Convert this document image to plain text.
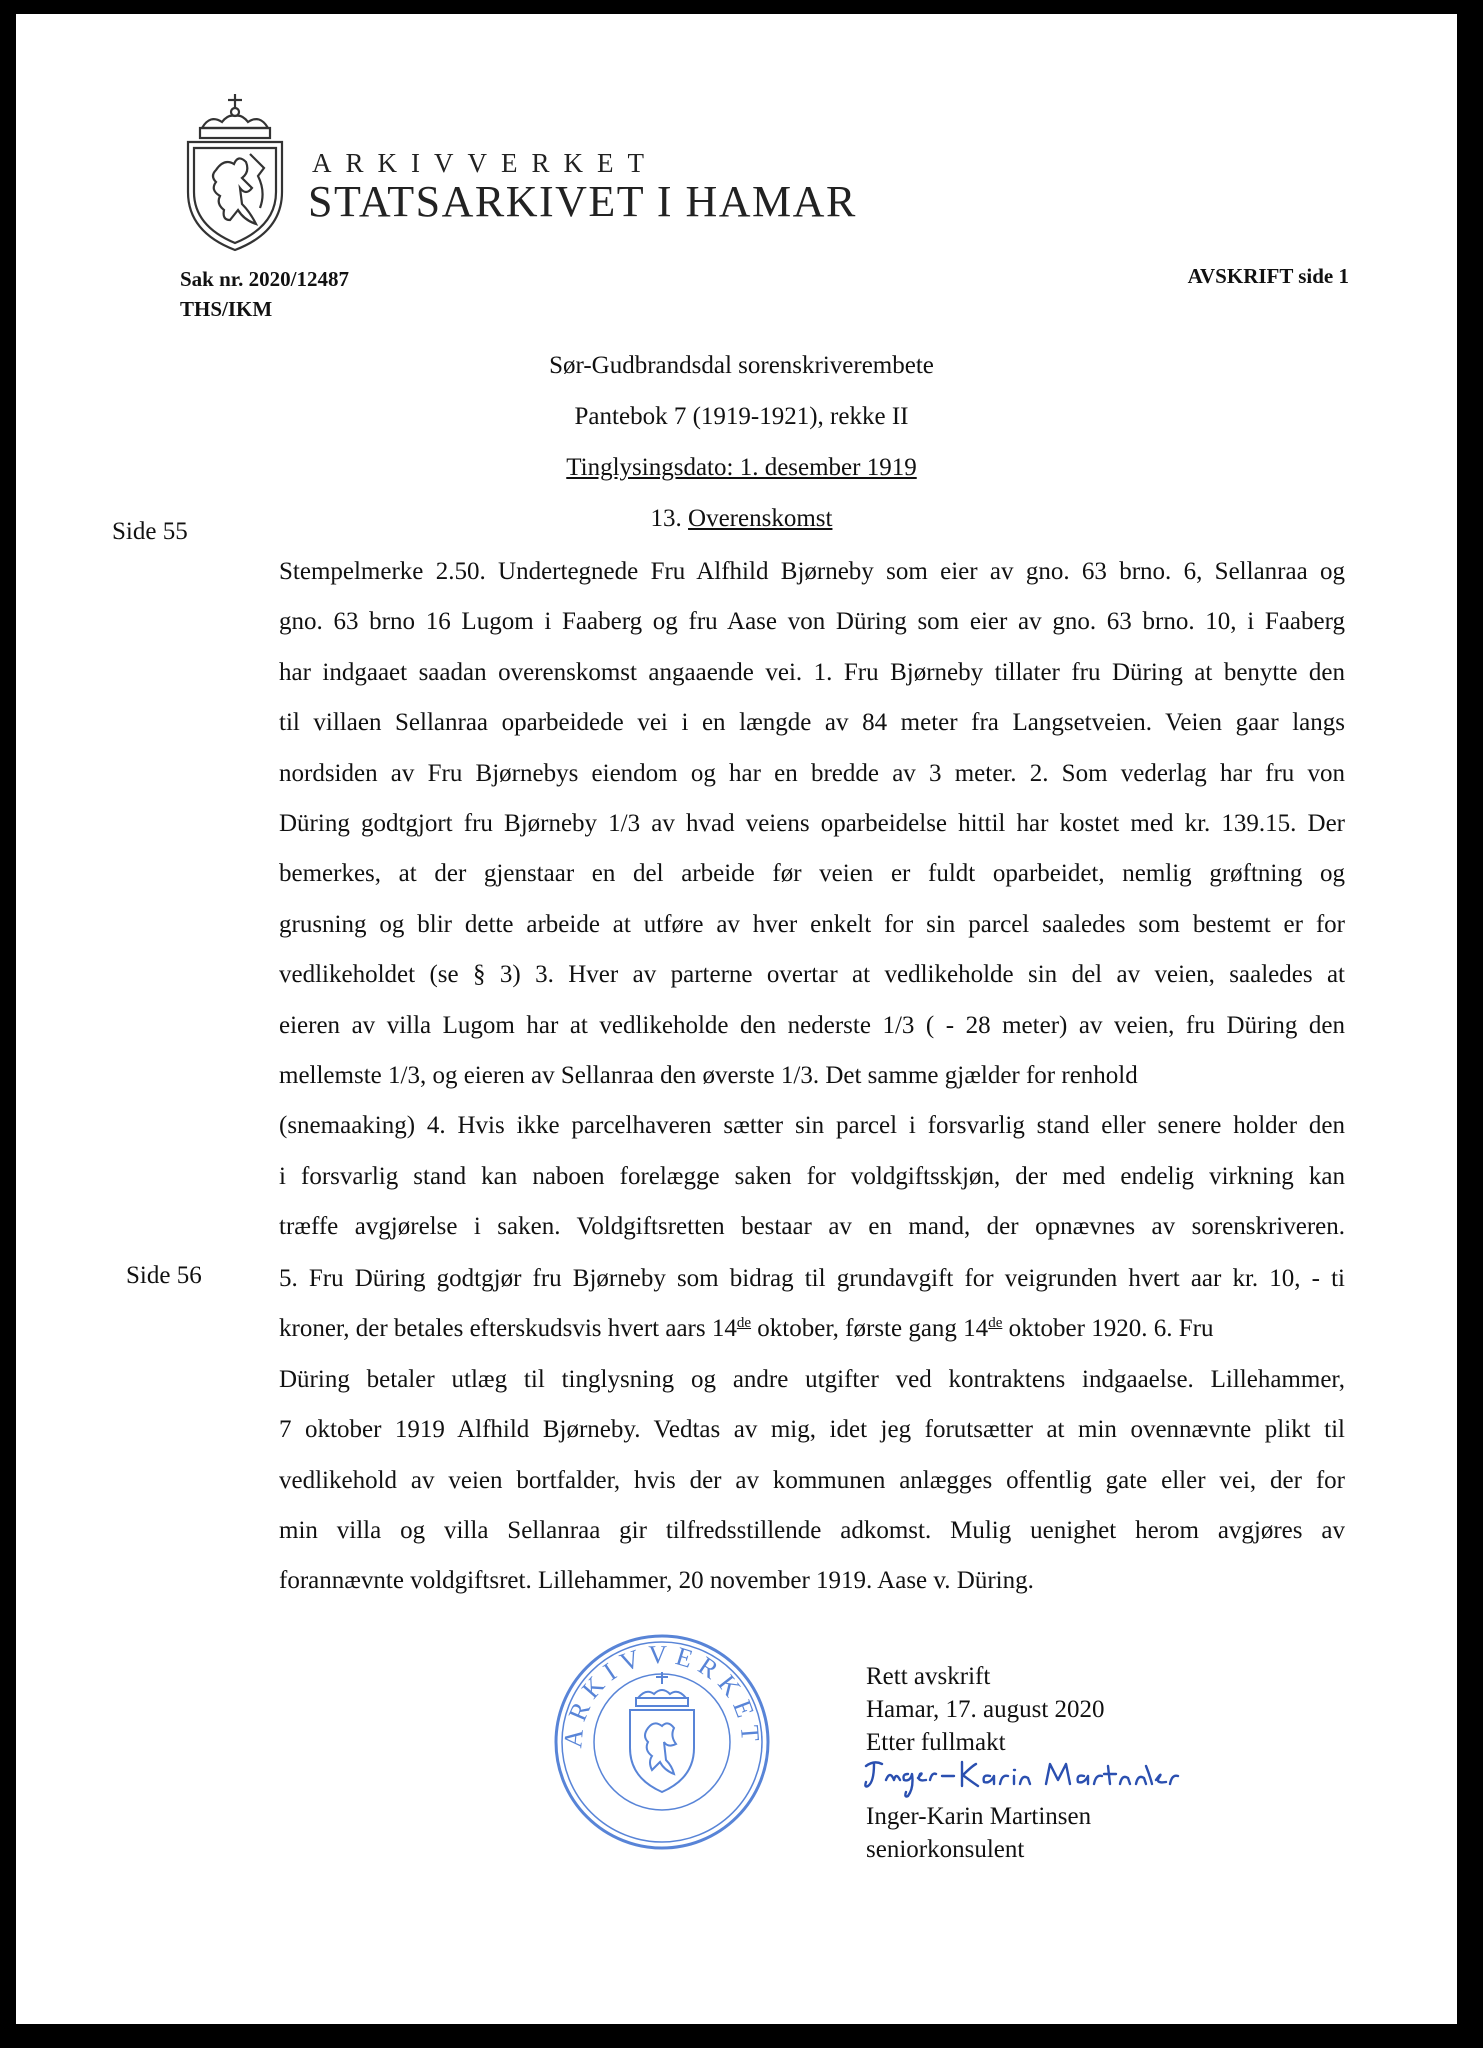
ARKIVVERKET
STATSARKIVET I HAMAR
Sak nr. 2020/12487
THS/IKM
AVSKRIFT side 1
Sør-Gudbrandsdal sorenskriverembete
Pantebok 7 (1919-1921), rekke II
Tinglysingsdato: 1. desember 1919
13. Overenskomst
Side 55
Side 56
Stempelmerke 2.50. Undertegnede Fru Alfhild Bjørneby som eier av gno. 63 brno. 6, Sellanraa og
gno. 63 brno 16 Lugom i Faaberg og fru Aase von Düring som eier av gno. 63 brno. 10, i Faaberg
har indgaaet saadan overenskomst angaaende vei. 1. Fru Bjørneby tillater fru Düring at benytte den
til villaen Sellanraa oparbeidede vei i en længde av 84 meter fra Langsetveien. Veien gaar langs
nordsiden av Fru Bjørnebys eiendom og har en bredde av 3 meter. 2. Som vederlag har fru von
Düring godtgjort fru Bjørneby 1/3 av hvad veiens oparbeidelse hittil har kostet med kr. 139.15. Der
bemerkes, at der gjenstaar en del arbeide før veien er fuldt oparbeidet, nemlig grøftning og
grusning og blir dette arbeide at utføre av hver enkelt for sin parcel saaledes som bestemt er for
vedlikeholdet (se § 3) 3. Hver av parterne overtar at vedlikeholde sin del av veien, saaledes at
eieren av villa Lugom har at vedlikeholde den nederste 1/3 ( - 28 meter) av veien, fru Düring den
mellemste 1/3, og eieren av Sellanraa den øverste 1/3. Det samme gjælder for renhold
(snemaaking) 4. Hvis ikke parcelhaveren sætter sin parcel i forsvarlig stand eller senere holder den
i forsvarlig stand kan naboen forelægge saken for voldgiftsskjøn, der med endelig virkning kan
træffe avgjørelse i saken. Voldgiftsretten bestaar av en mand, der opnævnes av sorenskriveren.
5. Fru Düring godtgjør fru Bjørneby som bidrag til grundavgift for veigrunden hvert aar kr. 10, - ti
kroner, der betales efterskudsvis hvert aars 14de oktober, første gang 14de oktober 1920. 6. Fru
Düring betaler utlæg til tinglysning og andre utgifter ved kontraktens indgaaelse. Lillehammer,
7 oktober 1919 Alfhild Bjørneby. Vedtas av mig, idet jeg forutsætter at min ovennævnte plikt til
vedlikehold av veien bortfalder, hvis der av kommunen anlægges offentlig gate eller vei, der for
min villa og villa Sellanraa gir tilfredsstillende adkomst. Mulig uenighet herom avgjøres av
forannævnte voldgiftsret. Lillehammer, 20 november 1919. Aase v. Düring.
ARKIVVERKET
Rett avskrift
Hamar, 17. august 2020
Etter fullmakt
Inger-Karin Martinsen
seniorkonsulent
